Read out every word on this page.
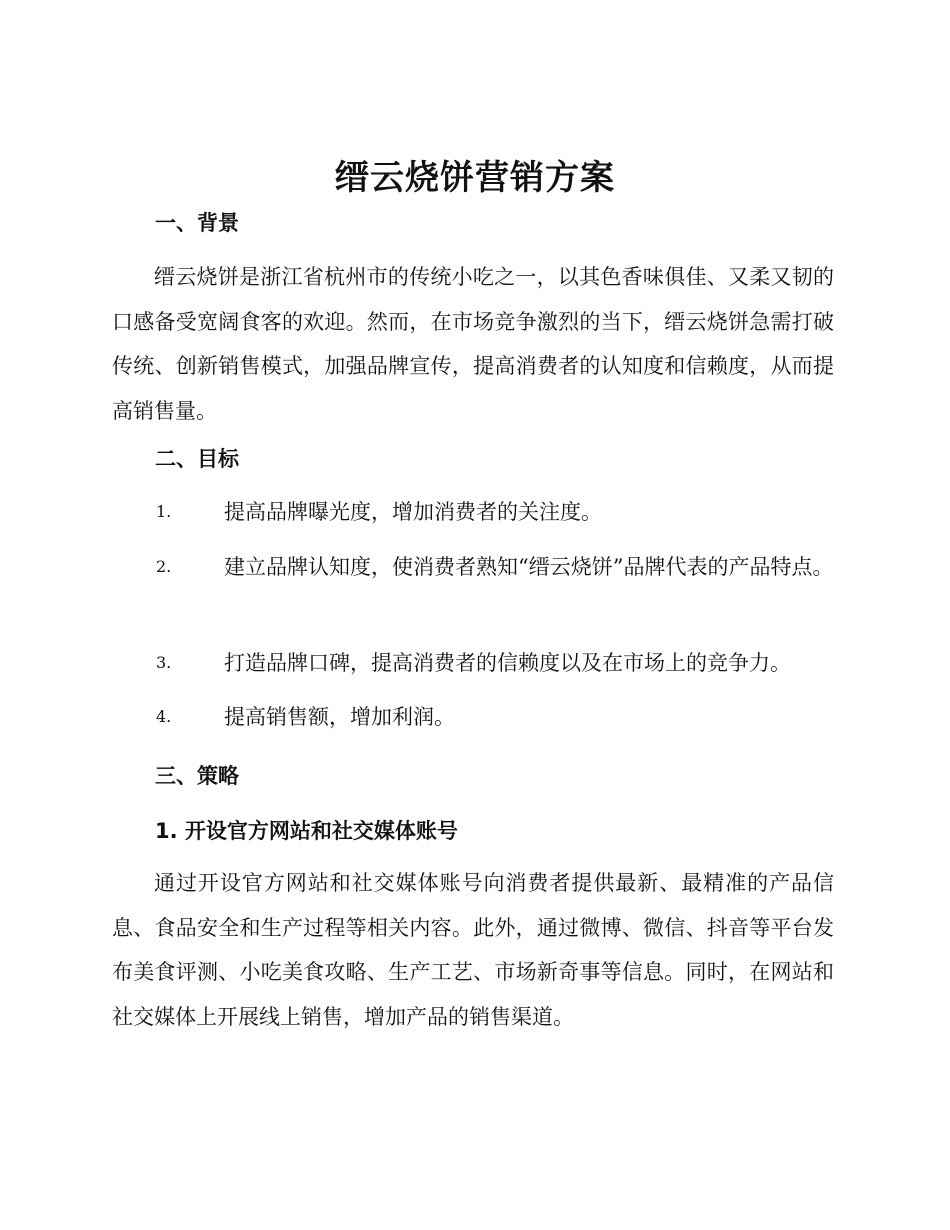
缙云烧饼营销方案
一、背景

缙云烧饼是浙江省杭州市的传统小吃之一，以其色香味俱佳、又柔又韧的口感备受宽阔食客的欢迎。然而，在市场竞争激烈的当下，缙云烧饼急需打破传统、创新销售模式，加强品牌宣传，提高消费者的认知度和信赖度，从而提高销售量。

二、目标
1.	提高品牌曝光度，增加消费者的关注度。

2.	建立品牌认知度，使消费者熟知“缙云烧饼”品牌代表的产品特点。

3.	打造品牌口碑，提高消费者的信赖度以及在市场上的竞争力。

4.	提高销售额，增加利润。

三、策略
1. 开设官方网站和社交媒体账号

通过开设官方网站和社交媒体账号向消费者提供最新、最精准的产品信息、食品安全和生产过程等相关内容。此外，通过微博、微信、抖音等平台发布美食评测、小吃美食攻略、生产工艺、市场新奇事等信息。同时，在网站和社交媒体上开展线上销售，增加产品的销售渠道。
